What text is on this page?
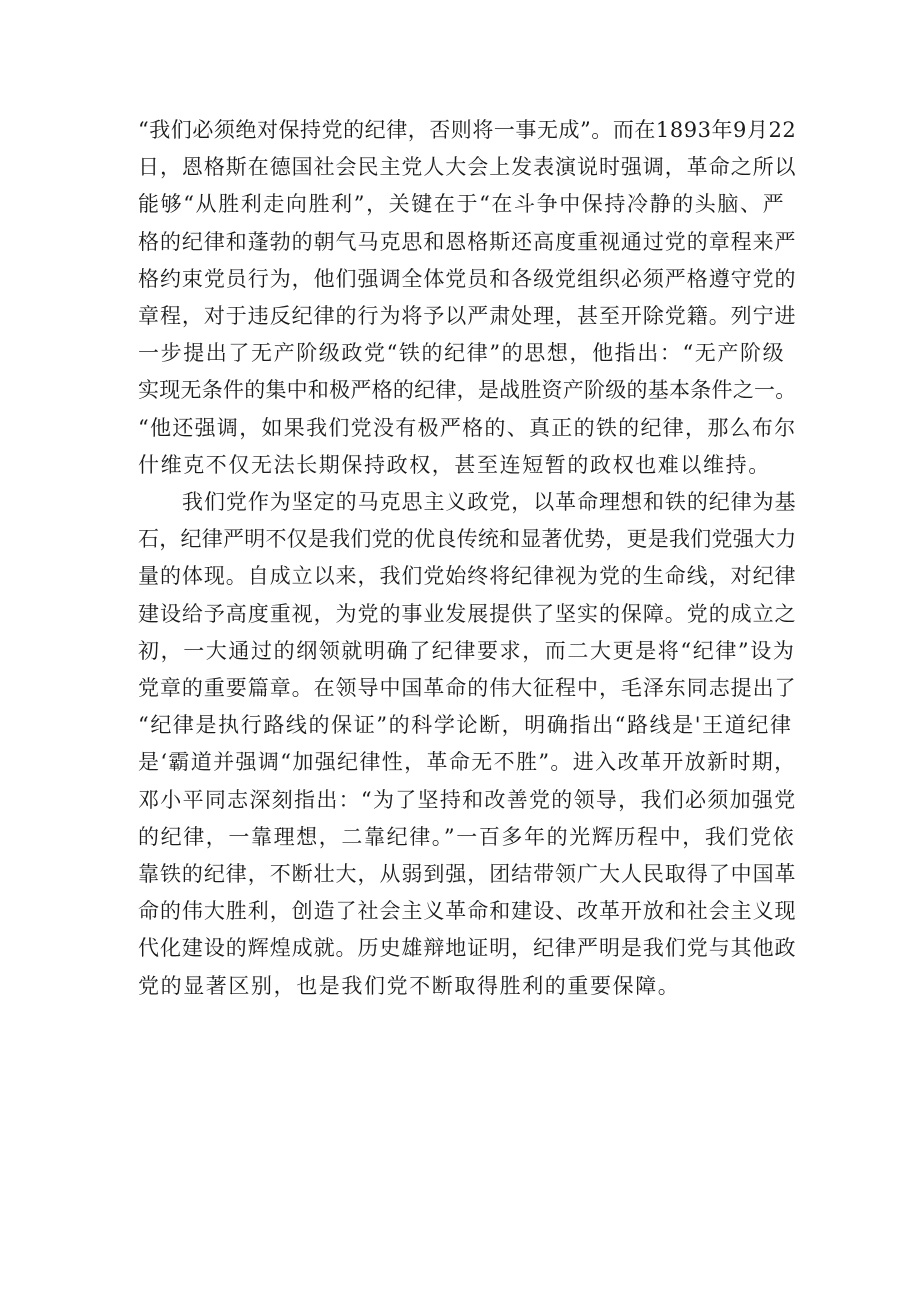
“我们必须绝对保持党的纪律，否则将一事无成”。而在1893年9月22
日，恩格斯在德国社会民主党人大会上发表演说时强调，革命之所以
能够“从胜利走向胜利”，关键在于“在斗争中保持冷静的头脑、严
格的纪律和蓬勃的朝气马克思和恩格斯还高度重视通过党的章程来严
格约束党员行为，他们强调全体党员和各级党组织必须严格遵守党的
章程，对于违反纪律的行为将予以严肃处理，甚至开除党籍。列宁进
一步提出了无产阶级政党“铁的纪律”的思想，他指出：“无产阶级
实现无条件的集中和极严格的纪律，是战胜资产阶级的基本条件之一。
“他还强调，如果我们党没有极严格的、真正的铁的纪律，那么布尔
什维克不仅无法长期保持政权，甚至连短暂的政权也难以维持。

我们党作为坚定的马克思主义政党，以革命理想和铁的纪律为基
石，纪律严明不仅是我们党的优良传统和显著优势，更是我们党强大力
量的体现。自成立以来，我们党始终将纪律视为党的生命线，对纪律
建设给予高度重视，为党的事业发展提供了坚实的保障。党的成立之
初，一大通过的纲领就明确了纪律要求，而二大更是将“纪律”设为
党章的重要篇章。在领导中国革命的伟大征程中，毛泽东同志提出了
“纪律是执行路线的保证”的科学论断，明确指出“路线是'王道纪律
是‘霸道并强调“加强纪律性，革命无不胜”。进入改革开放新时期，
邓小平同志深刻指出：“为了坚持和改善党的领导，我们必须加强党
的纪律，一靠理想，二靠纪律。”一百多年的光辉历程中，我们党依
靠铁的纪律，不断壮大，从弱到强，团结带领广大人民取得了中国革
命的伟大胜利，创造了社会主义革命和建设、改革开放和社会主义现
代化建设的辉煌成就。历史雄辩地证明，纪律严明是我们党与其他政
党的显著区别，也是我们党不断取得胜利的重要保障。
